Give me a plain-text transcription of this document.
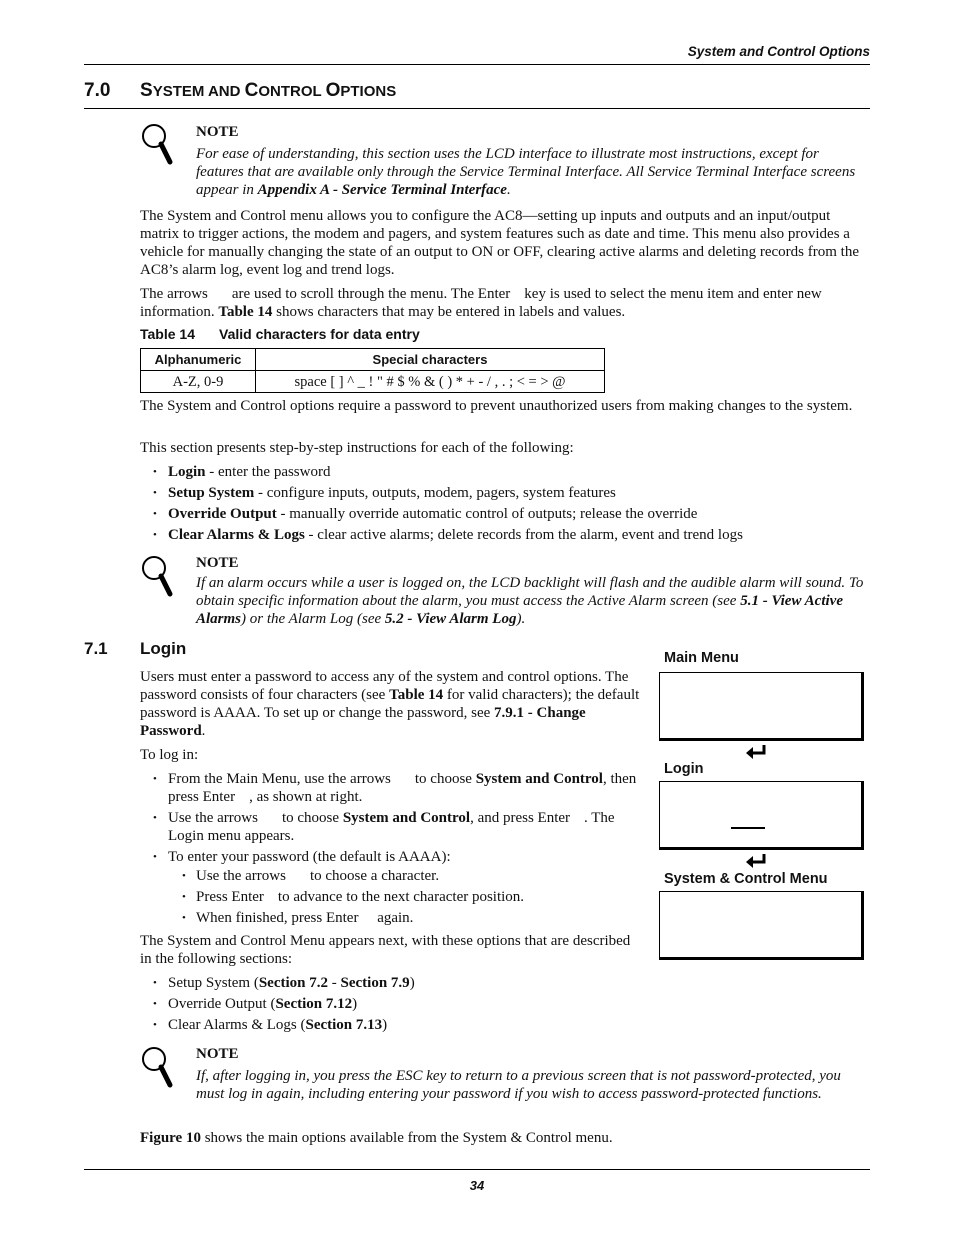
System and Control Options
7.0 SYSTEM AND CONTROL OPTIONS
NOTE
For ease of understanding, this section uses the LCD interface to illustrate most instructions, except for features that are available only through the Service Terminal Interface. All Service Terminal Interface screens appear in Appendix A - Service Terminal Interface.
The System and Control menu allows you to configure the AC8—setting up inputs and outputs and an input/output matrix to trigger actions, the modem and pagers, and system features such as date and time. This menu also provides a vehicle for manually changing the state of an output to ON or OFF, clearing active alarms and deleting records from the AC8’s alarm log, event log and trend logs.
The arrows are used to scroll through the menu. The Enter key is used to select the menu item and enter new information. Table 14 shows characters that may be entered in labels and values.
Table 14 Valid characters for data entry
Alphanumeric	Special characters
A-Z, 0-9	space [ ] ^ _ ! " # $ % & ( ) * + - / , . ; < = > @
The System and Control options require a password to prevent unauthorized users from making changes to the system.
This section presents step-by-step instructions for each of the following:
• Login - enter the password
• Setup System - configure inputs, outputs, modem, pagers, system features
• Override Output - manually override automatic control of outputs; release the override
• Clear Alarms & Logs - clear active alarms; delete records from the alarm, event and trend logs
NOTE
If an alarm occurs while a user is logged on, the LCD backlight will flash and the audible alarm will sound. To obtain specific information about the alarm, you must access the Active Alarm screen (see 5.1 - View Active Alarms) or the Alarm Log (see 5.2 - View Alarm Log).
7.1 Login
Users must enter a password to access any of the system and control options. The password consists of four characters (see Table 14 for valid characters); the default password is AAAA. To set up or change the password, see 7.9.1 - Change Password.
To log in:
• From the Main Menu, use the arrows to choose System and Control, then press Enter , as shown at right.
• Use the arrows to choose System and Control, and press Enter . The Login menu appears.
• To enter your password (the default is AAAA):
• Use the arrows to choose a character.
• Press Enter to advance to the next character position.
• When finished, press Enter     again.
The System and Control Menu appears next, with these options that are described in the following sections:
• Setup System (Section 7.2 - Section 7.9)
• Override Output (Section 7.12)
• Clear Alarms & Logs (Section 7.13)
Main Menu
Login
System & Control Menu
NOTE
If, after logging in, you press the ESC key to return to a previous screen that is not password-protected, you must log in again, including entering your password if you wish to access password-protected functions.
Figure 10 shows the main options available from the System & Control menu.
34
